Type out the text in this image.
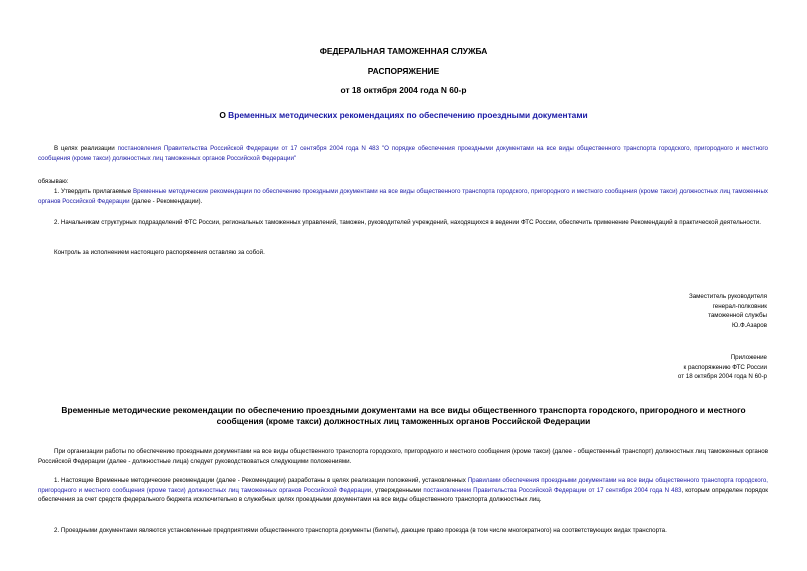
ФЕДЕРАЛЬНАЯ ТАМОЖЕННАЯ СЛУЖБА
РАСПОРЯЖЕНИЕ
от 18 октября 2004 года N 60-р
О Временных методических рекомендациях по обеспечению проездными документами
В целях реализации постановления Правительства Российской Федерации от 17 сентября 2004 года N 483 "О порядке обеспечения проездными документами на все виды общественного транспорта городского, пригородного и местного сообщения (кроме такси) должностных лиц таможенных органов Российской Федерации"
обязываю:
1. Утвердить прилагаемые Временные методические рекомендации по обеспечению проездными документами на все виды общественного транспорта городского, пригородного и местного сообщения (кроме такси) должностных лиц таможенных органов Российской Федерации (далее - Рекомендации).
2. Начальникам структурных подразделений ФТС России, региональных таможенных управлений, таможен, руководителей учреждений, находящихся в ведении ФТС России, обеспечить применение Рекомендаций в практической деятельности.
Контроль за исполнением настоящего распоряжения оставляю за собой.
Заместитель руководителя
генерал-полковник
таможенной службы
Ю.Ф.Азаров
Приложение
к распоряжению ФТС России
от 18 октября 2004 года N 60-р
Временные методические рекомендации по обеспечению проездными документами на все виды общественного транспорта городского, пригородного и местного сообщения (кроме такси) должностных лиц таможенных органов Российской Федерации
При организации работы по обеспечению проездными документами на все виды общественного транспорта городского, пригородного и местного сообщения (кроме такси) (далее - общественный транспорт) должностных лиц таможенных органов Российской Федерации (далее - должностные лица) следует руководствоваться следующими положениями.
1. Настоящие Временные методические рекомендации (далее - Рекомендации) разработаны в целях реализации положений, установленных Правилами обеспечения проездными документами на все виды общественного транспорта городского, пригородного и местного сообщения (кроме такси) должностных лиц таможенных органов Российской Федерации, утвержденными постановлением Правительства Российской Федерации от 17 сентября 2004 года N 483, которым определен порядок обеспечения за счет средств федерального бюджета исключительно в служебных целях проездными документами на все виды общественного транспорта должностных лиц.
2. Проездными документами являются установленные предприятиями общественного транспорта документы (билеты), дающие право проезда (в том числе многократного) на соответствующих видах транспорта.
